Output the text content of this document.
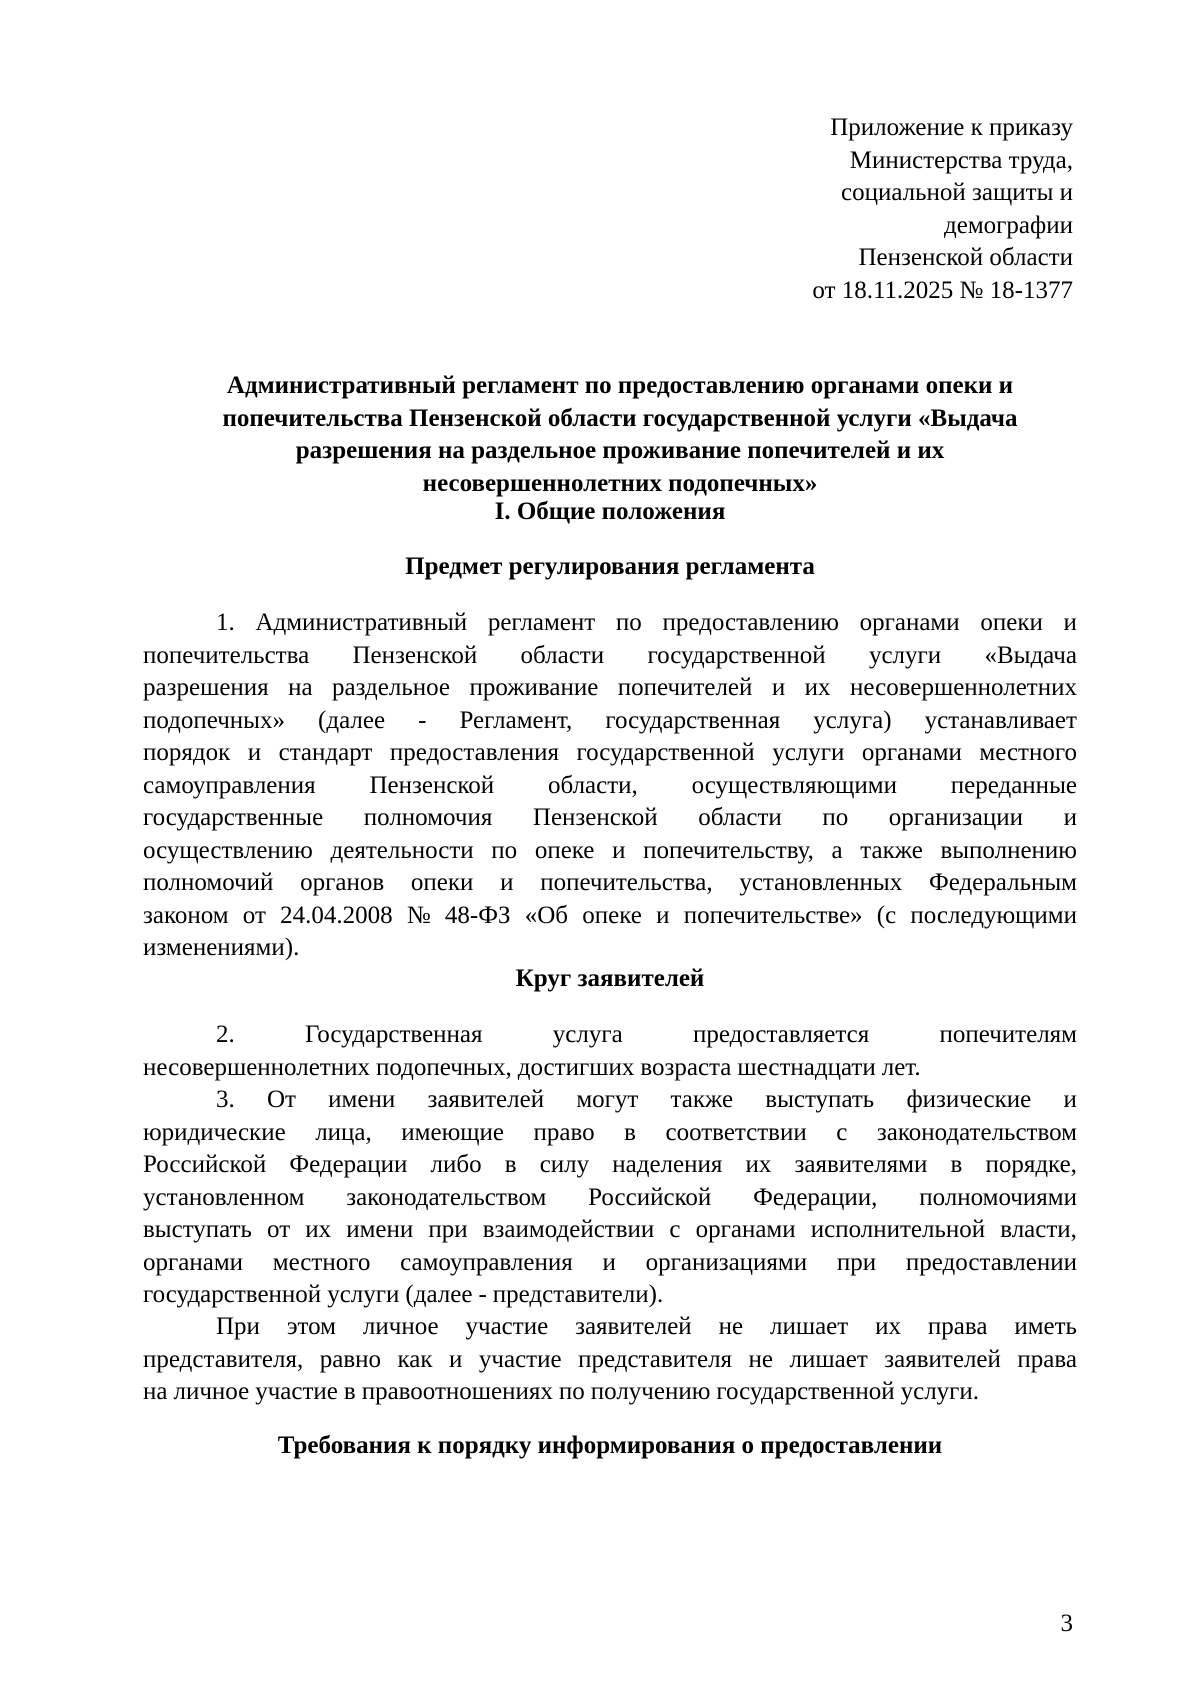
Приложение к приказу
Министерства труда,
социальной защиты и
демографии
Пензенской области
от 18.11.2025 № 18-1377
Административный регламент по предоставлению органами опеки и
попечительства Пензенской области государственной услуги «Выдача
разрешения на раздельное проживание попечителей и их
несовершеннолетних подопечных»
I. Общие положения
Предмет регулирования регламента
1. Административный регламент по предоставлению органами опеки и
попечительства Пензенской области государственной услуги «Выдача
разрешения на раздельное проживание попечителей и их несовершеннолетних
подопечных» (далее - Регламент, государственная услуга) устанавливает
порядок и стандарт предоставления государственной услуги органами местного
самоуправления Пензенской области, осуществляющими переданные
государственные полномочия Пензенской области по организации и
осуществлению деятельности по опеке и попечительству, а также выполнению
полномочий органов опеки и попечительства, установленных Федеральным
законом от 24.04.2008 № 48-ФЗ «Об опеке и попечительстве» (с последующими
изменениями).
Круг заявителей
2.	Государственная	услуга	предоставляется	попечителям
несовершеннолетних подопечных, достигших возраста шестнадцати лет.
3. От имени заявителей могут также выступать физические и
юридические лица, имеющие право в соответствии с законодательством
Российской Федерации либо в силу наделения их заявителями в порядке,
установленном законодательством Российской Федерации, полномочиями
выступать от их имени при взаимодействии с органами исполнительной власти,
органами местного самоуправления и организациями при предоставлении
государственной услуги (далее - представители).
При этом личное участие заявителей не лишает их права иметь
представителя, равно как и участие представителя не лишает заявителей права
на личное участие в правоотношениях по получению государственной услуги.
Требования к порядку информирования о предоставлении
3
